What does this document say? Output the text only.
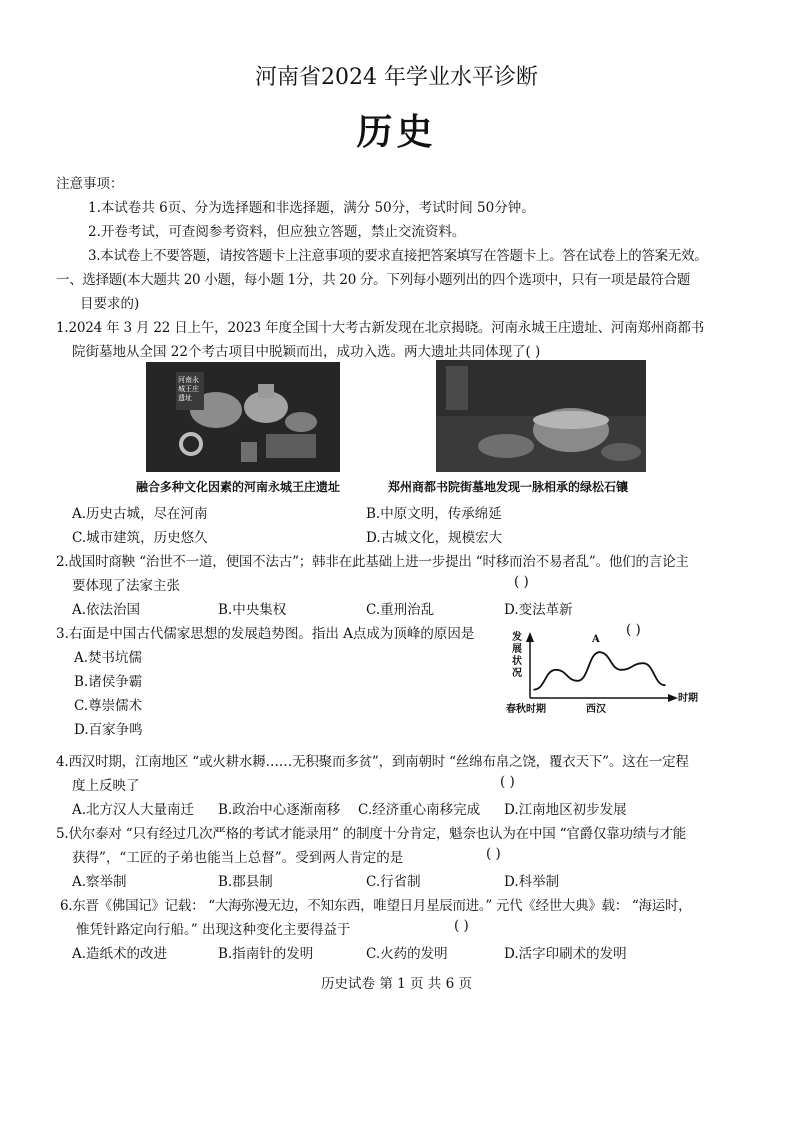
河南省2024 年学业水平诊断
历史
注意事项：
1.本试卷共 6页、分为选择题和非选择题，满分 50分，考试时间 50分钟。
2.开卷考试，可查阅参考资料，但应独立答题，禁止交流资料。
3.本试卷上不要答题，请按答题卡上注意事项的要求直接把答案填写在答题卡上。答在试卷上的答案无效。
一、选择题(本大题共 20 小题，每小题 1分，共 20 分。下列每小题列出的四个选项中，只有一项是最符合题
目要求的)
1.2024 年 3 月 22 日上午，2023 年度全国十大考古新发现在北京揭晓。河南永城王庄遗址、河南郑州商都书
院街墓地从全国 22个考古项目中脱颖而出，成功入选。两大遗址共同体现了( )
河南永城王庄遗址
融合多种文化因素的河南永城王庄遗址	郑州商都书院街墓地发现一脉相承的绿松石镶
A.历史古城，尽在河南	B.中原文明，传承绵延
C.城市建筑，历史悠久	D.古城文化，规模宏大
2.战国时商鞅 “治世不一道，便国不法古”；韩非在此基础上进一步提出 “时移而治不易者乱”。他们的言论主
要体现了法家主张	( )
A.依法治国	B.中央集权	C.重刑治乱	D.变法革新
3.右面是中国古代儒家思想的发展趋势图。指出 A点成为顶峰的原因是	( )
A.焚书坑儒
B.诸侯争霸
C.尊崇儒术
D.百家争鸣
A
时期
春秋时期	西汉
发展状况
4.西汉时期，江南地区 “或火耕水耨……无积聚而多贫”，到南朝时 “丝绵布帛之饶，覆衣天下”。这在一定程
度上反映了	( )
A.北方汉人大量南迁 B.政治中心逐渐南移 C.经济重心南移完成 D.江南地区初步发展
5.伏尔泰对 “只有经过几次严格的考试才能录用” 的制度十分肯定，魁奈也认为在中国 “官爵仅靠功绩与才能
获得”，“工匠的子弟也能当上总督”。受到两人肯定的是	( )
A.察举制	B.郡县制	C.行省制	D.科举制
6.东晋《佛国记》记载： “大海弥漫无边，不知东西，唯望日月星辰而进。” 元代《经世大典》载： “海运时，
惟凭针路定向行船。” 出现这种变化主要得益于	( )
A.造纸术的改进	B.指南针的发明	C.火药的发明	D.活字印刷术的发明
历史试卷 第 1 页 共 6 页
